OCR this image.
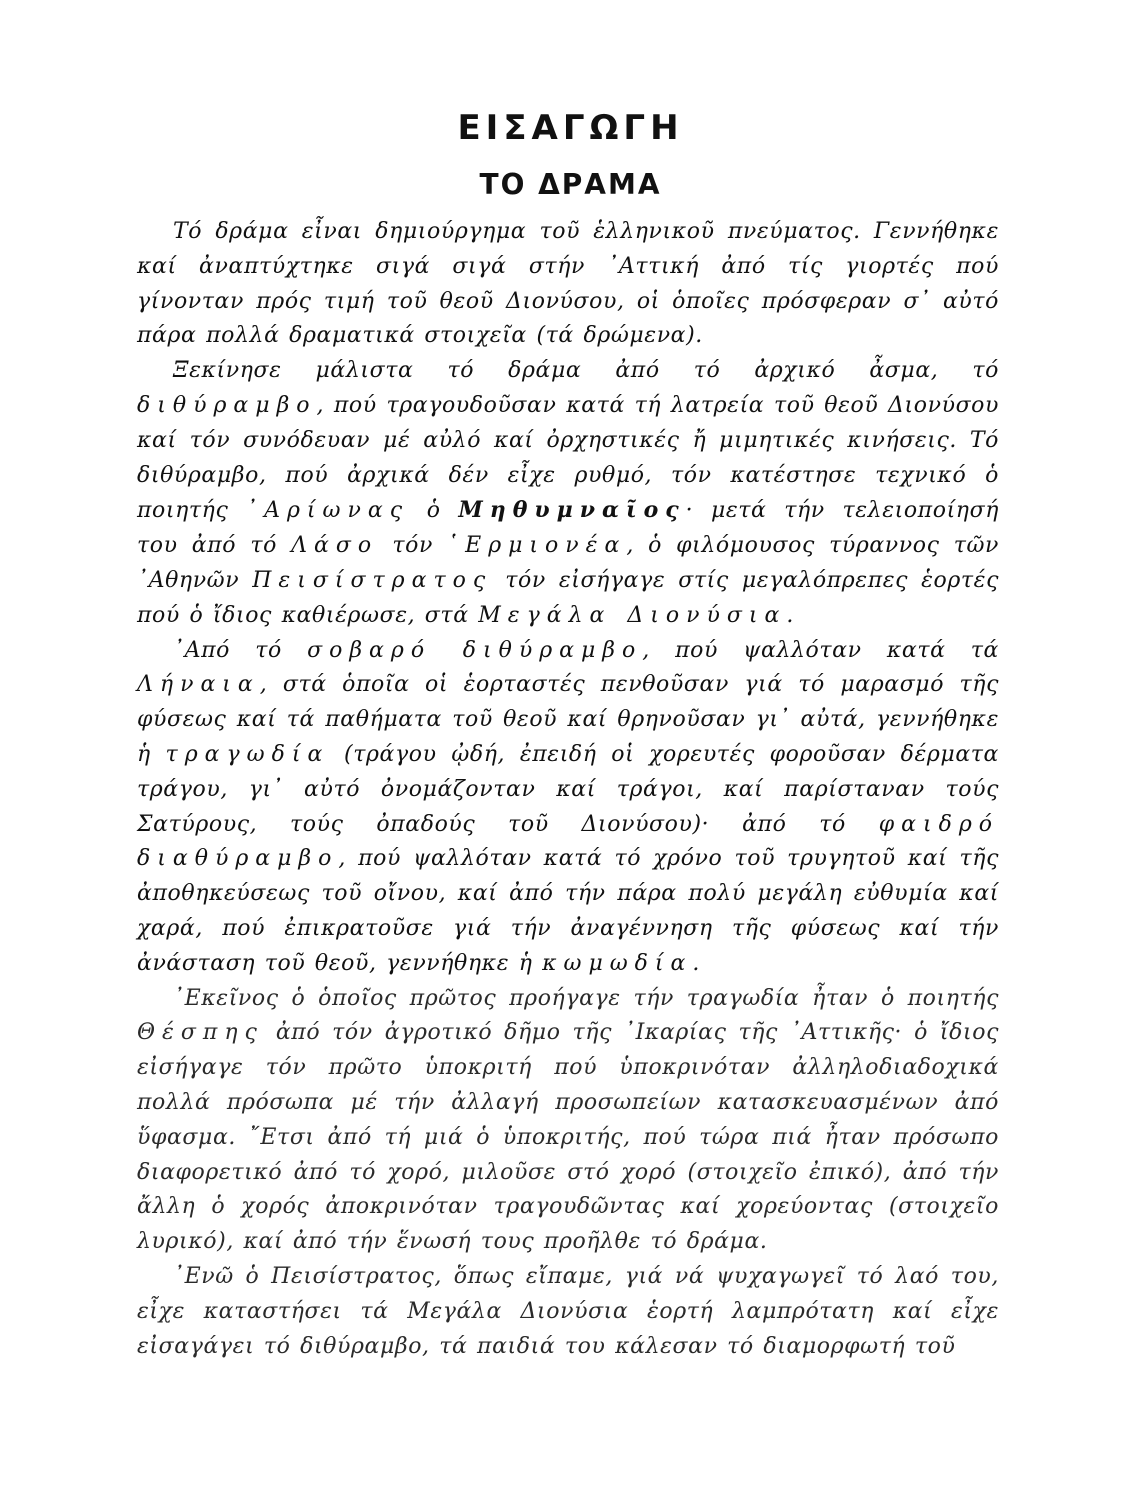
ΕΙΣΑΓΩΓΗ
ΤΟ ΔΡΑΜΑ

Τό δράμα εἶναι δημιούργημα τοῦ ἑλληνικοῦ πνεύματος. Γεννήθηκε καί ἀναπτύχτηκε σιγά σιγά στήν ᾿Αττική ἀπό τίς γιορτές πού γίνονταν πρός τιμή τοῦ θεοῦ Διονύσου, οἱ ὁποῖες πρόσφεραν σ᾿ αὐτό πάρα πολλά δραματικά στοιχεῖα (τά δρώμενα).

Ξεκίνησε μάλιστα τό δράμα ἀπό τό ἀρχικό ἆσμα, τό διθύραμβο, πού τραγουδοῦσαν κατά τή λατρεία τοῦ θεοῦ Διονύσου καί τόν συνόδευαν μέ αὐλό καί ὀρχηστικές ἤ μιμητικές κινήσεις. Τό διθύραμβο, πού ἀρχικά δέν εἶχε ρυθμό, τόν κατέστησε τεχνικό ὁ ποιητής ᾿Αρίωνας ὁ Μηθυμναῖος· μετά τήν τελειοποίησή του ἀπό τό Λάσο τόν ῾Ερμιονέα, ὁ φιλόμουσος τύραννος τῶν ᾿Αθηνῶν Πεισίστρατος τόν εἰσήγαγε στίς μεγαλόπρεπες ἑορτές πού ὁ ἴδιος καθιέρωσε, στά Μεγάλα Διονύσια.

᾿Από τό σοβαρό διθύραμβο, πού ψαλλόταν κατά τά Λήναια, στά ὁποῖα οἱ ἑορταστές πενθοῦσαν γιά τό μαρασμό τῆς φύσεως καί τά παθήματα τοῦ θεοῦ καί θρηνοῦσαν γι᾿ αὐτά, γεννήθηκε ἡ τραγωδία (τράγου ᾠδή, ἐπειδή οἱ χορευτές φοροῦσαν δέρματα τράγου, γι᾿ αὐτό ὀνομάζονταν καί τράγοι, καί παρίσταναν τούς Σατύρους, τούς ὀπαδούς τοῦ Διονύσου)· ἀπό τό φαιδρό διαθύραμβο, πού ψαλλόταν κατά τό χρόνο τοῦ τρυγητοῦ καί τῆς ἀποθηκεύσεως τοῦ οἴνου, καί ἀπό τήν πάρα πολύ μεγάλη εὐθυμία καί χαρά, πού ἐπικρατοῦσε γιά τήν ἀναγέννηση τῆς φύσεως καί τήν ἀνάσταση τοῦ θεοῦ, γεννήθηκε ἡ κωμωδία.

᾿Εκεῖνος ὁ ὁποῖος πρῶτος προήγαγε τήν τραγωδία ἦταν ὁ ποιητής Θέσπης ἀπό τόν ἀγροτικό δῆμο τῆς ᾿Ικαρίας τῆς ᾿Αττικῆς· ὁ ἴδιος εἰσήγαγε τόν πρῶτο ὑποκριτή πού ὑποκρινόταν ἀλληλοδιαδοχικά πολλά πρόσωπα μέ τήν ἀλλαγή προσωπείων κατασκευασμένων ἀπό ὕφασμα. ῎Ετσι ἀπό τή μιά ὁ ὑποκριτής, πού τώρα πιά ἦταν πρόσωπο διαφορετικό ἀπό τό χορό, μιλοῦσε στό χορό (στοιχεῖο ἐπικό), ἀπό τήν ἄλλη ὁ χορός ἀποκρινόταν τραγουδῶντας καί χορεύοντας (στοιχεῖο λυρικό), καί ἀπό τήν ἕνωσή τους προῆλθε τό δράμα.

᾿Ενῶ ὁ Πεισίστρατος, ὅπως εἴπαμε, γιά νά ψυχαγωγεῖ τό λαό του, εἶχε καταστήσει τά Μεγάλα Διονύσια ἑορτή λαμπρότατη καί εἶχε εἰσαγάγει τό διθύραμβο, τά παιδιά του κάλεσαν τό διαμορφωτή τοῦ
